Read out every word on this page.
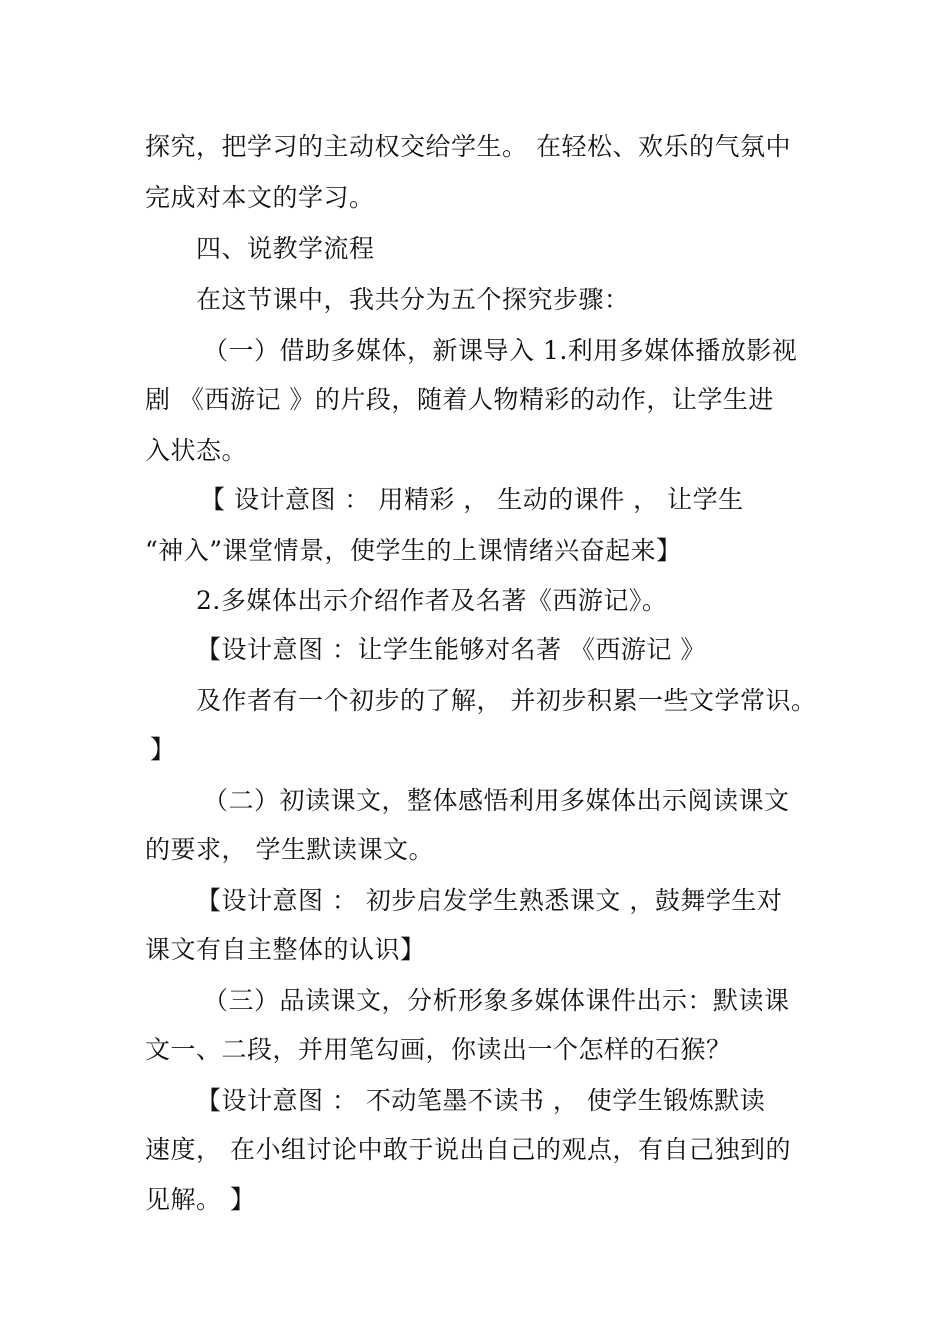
探究，把学习的主动权交给学生。 在轻松、欢乐的气氛中
完成对本文的学习。
四、说教学流程
在这节课中，我共分为五个探究步骤：
（一）借助多媒体，新课导入 1.利用多媒体播放影视
剧 《西游记 》的片段，随着人物精彩的动作，让学生进
入状态。
【 设计意图 ： 用精彩 ， 生动的课件 ， 让学生
“神入”课堂情景，使学生的上课情绪兴奋起来】
2.多媒体出示介绍作者及名著《西游记》。
【设计意图 ：让学生能够对名著 《西游记 》
及作者有一个初步的了解， 并初步积累一些文学常识。
】
（二）初读课文，整体感悟利用多媒体出示阅读课文
的要求， 学生默读课文。
【设计意图 ： 初步启发学生熟悉课文 ，鼓舞学生对
课文有自主整体的认识】
（三）品读课文，分析形象多媒体课件出示：默读课
文一、二段，并用笔勾画，你读出一个怎样的石猴？
【设计意图 ： 不动笔墨不读书 ， 使学生锻炼默读
速度， 在小组讨论中敢于说出自己的观点，有自己独到的
见解。 】
